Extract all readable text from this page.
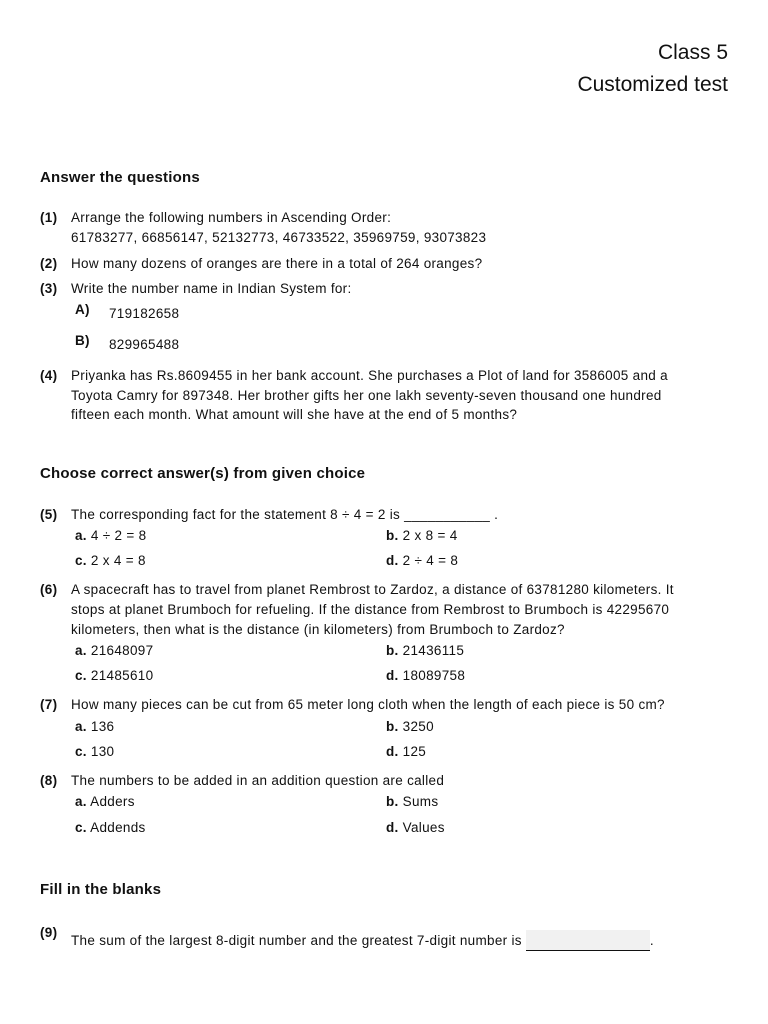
Class 5
Customized test
Answer the questions
(1) Arrange the following numbers in Ascending Order:
61783277, 66856147, 52132773, 46733522, 35969759, 93073823
(2) How many dozens of oranges are there in a total of 264 oranges?
(3) Write the number name in Indian System for:
A) 719182658
B) 829965488
(4) Priyanka has Rs.8609455 in her bank account. She purchases a Plot of land for 3586005 and a Toyota Camry for 897348. Her brother gifts her one lakh seventy-seven thousand one hundred fifteen each month. What amount will she have at the end of 5 months?
Choose correct answer(s) from given choice
(5) The corresponding fact for the statement 8 ÷ 4 = 2 is ___________ .
a. 4 ÷ 2 = 8	b. 2 x 8 = 4
c. 2 x 4 = 8	d. 2 ÷ 4 = 8
(6) A spacecraft has to travel from planet Rembrost to Zardoz, a distance of 63781280 kilometers. It stops at planet Brumboch for refueling. If the distance from Rembrost to Brumboch is 42295670 kilometers, then what is the distance (in kilometers) from Brumboch to Zardoz?
a. 21648097	b. 21436115
c. 21485610	d. 18089758
(7) How many pieces can be cut from 65 meter long cloth when the length of each piece is 50 cm?
a. 136	b. 3250
c. 130	d. 125
(8) The numbers to be added in an addition question are called
a. Adders	b. Sums
c. Addends	d. Values
Fill in the blanks
(9)
The sum of the largest 8-digit number and the greatest 7-digit number is	.
